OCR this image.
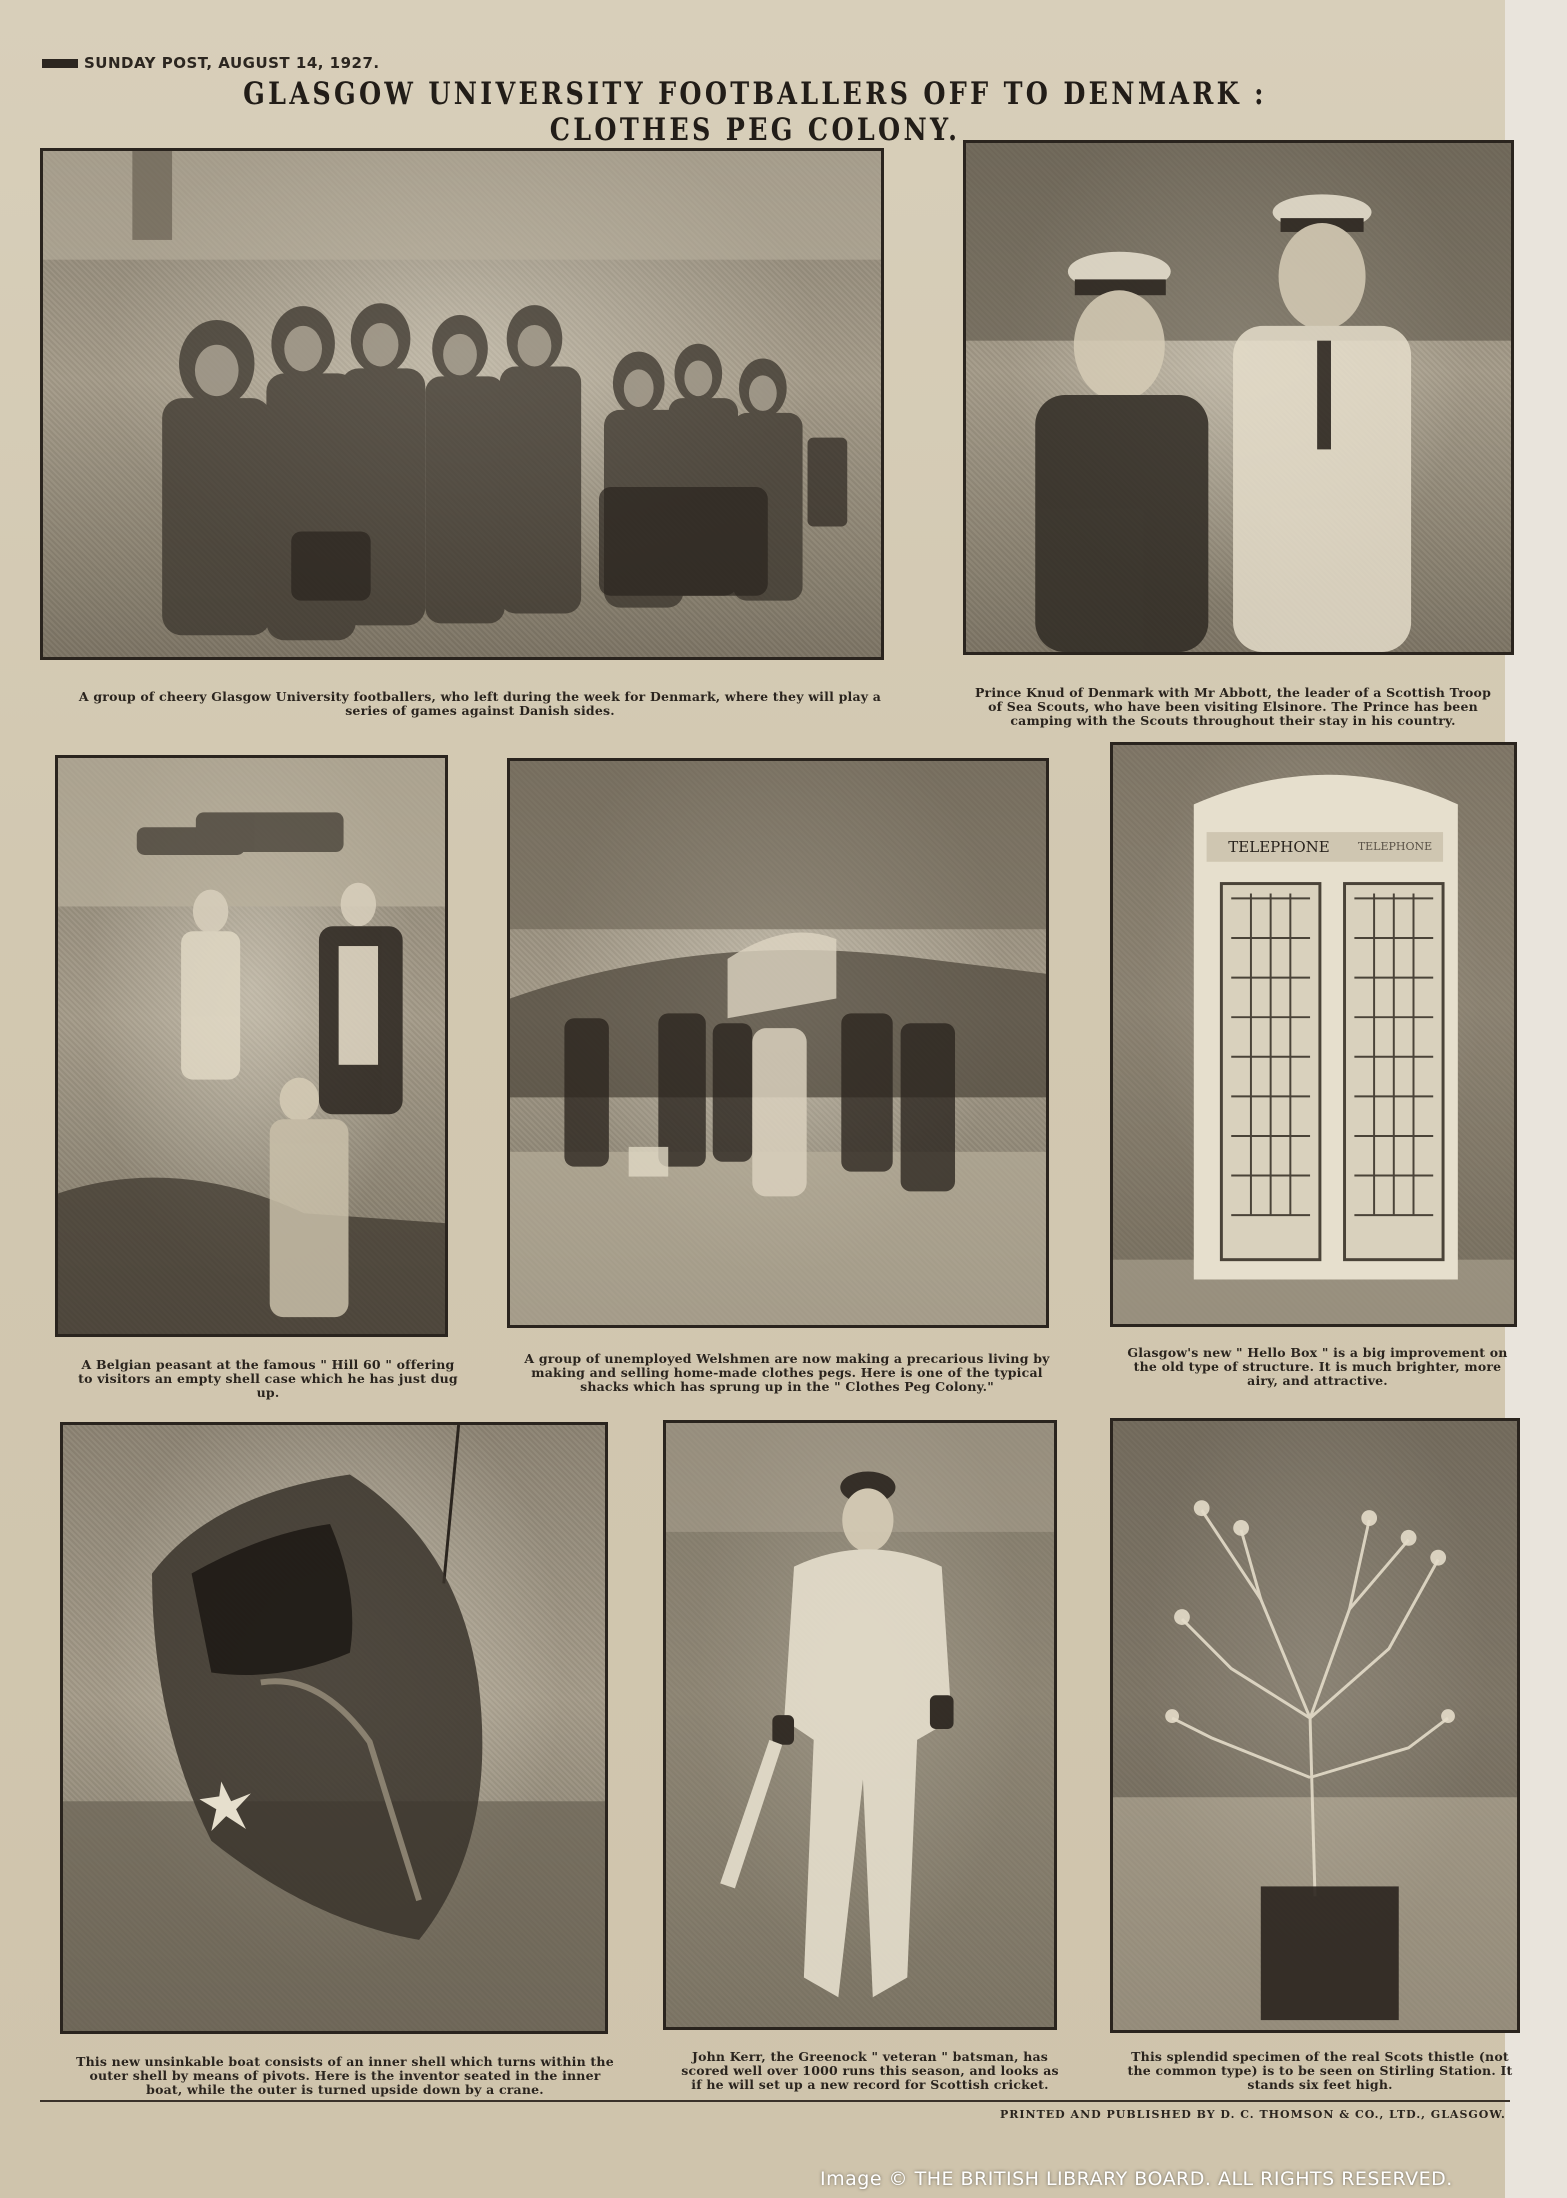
SUNDAY POST, AUGUST 14, 1927.
GLASGOW UNIVERSITY FOOTBALLERS OFF TO DENMARK : CLOTHES PEG COLONY.
A group of cheery Glasgow University footballers, who left during the week for Denmark, where they will play a series of games against Danish sides.
Prince Knud of Denmark with Mr Abbott, the leader of a Scottish Troop of Sea Scouts, who have been visiting Elsinore. The Prince has been camping with the Scouts throughout their stay in his country.
A Belgian peasant at the famous " Hill 60 " offering to visitors an empty shell case which he has just dug up.
A group of unemployed Welshmen are now making a precarious living by making and selling home-made clothes pegs. Here is one of the typical shacks which has sprung up in the " Clothes Peg Colony."
TELEPHONE	TELEPHONE
Glasgow's new " Hello Box " is a big improvement on the old type of structure. It is much brighter, more airy, and attractive.
This new unsinkable boat consists of an inner shell which turns within the outer shell by means of pivots. Here is the inventor seated in the inner boat, while the outer is turned upside down by a crane.
John Kerr, the Greenock " veteran " batsman, has scored well over 1000 runs this season, and looks as if he will set up a new record for Scottish cricket.
This splendid specimen of the real Scots thistle (not the common type) is to be seen on Stirling Station. It stands six feet high.
PRINTED AND PUBLISHED BY D. C. THOMSON & CO., LTD., GLASGOW.
Image © THE BRITISH LIBRARY BOARD. ALL RIGHTS RESERVED.
